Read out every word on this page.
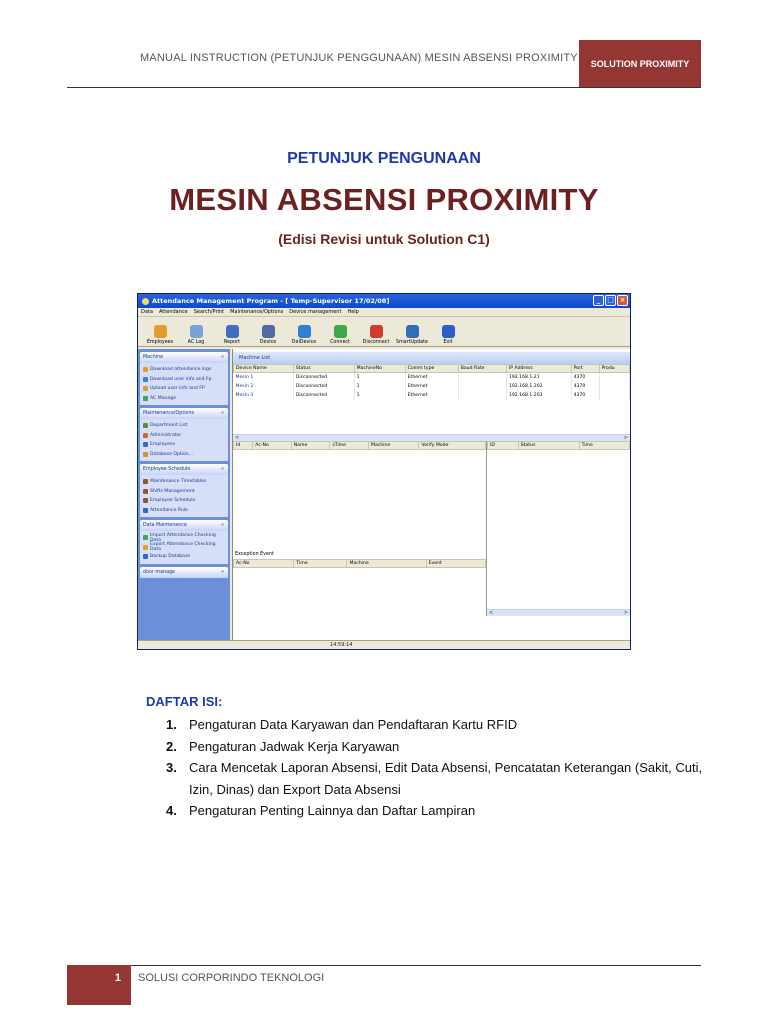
MANUAL INSTRUCTION (PETUNJUK PENGGUNAAN) MESIN ABSENSI PROXIMITY	SOLUTION PROXIMITY
PETUNJUK PENGUNAAN
MESIN ABSENSI PROXIMITY
(Edisi Revisi untuk Solution C1)
Attendance Management Program - [ Temp-Supervisor 17/02/08]	_ □ ×
Data Attendance Search/Print Maintenance/Options Device management Help
Employees	AC Log	Report	Device	DelDevice	Connect	Disconnect SmartUpdate	Exit
Machine	«
Download attendance logs
Download user info and Fp
Upload user info and FP
AC Manage
Maintenance/Options	«
Department List
Administrator
Employees
Database Option...
Employee Schedule	«
Maintenance Timetables
Shifts Management
Employee Schedule
Attendance Rule
Data Maintenance	«
Import Attendance Checking Data
Export Attendance Checking Data
Backup Database
door manage	»
Machine List
Device Name	Status	MachineNo	Comm type	Baud Rate	IP Address	Port	Produ
Mesin 1	Disconnected	1	Ethernet		192.168.1.21	4370	
Mesin 2	Disconnected	1	Ethernet		192.168.1.202	4370	
Mesin 3	Disconnected	1	Ethernet		192.168.1.203	4370	
<	>
Id	Ac-No	Name	sTime	Machine	Verify Mode
Exception Event
Ac-No	Time	Machine	Event
ID	Status	Time
<	>
14:59:14
DAFTAR ISI:
1. Pengaturan Data Karyawan dan Pendaftaran Kartu RFID
2. Pengaturan Jadwak Kerja Karyawan
3. Cara Mencetak Laporan Absensi, Edit Data Absensi, Pencatatan Keterangan (Sakit, Cuti, Izin, Dinas) dan Export Data Absensi
4. Pengaturan Penting Lainnya dan Daftar Lampiran
1	SOLUSI CORPORINDO TEKNOLOGI
